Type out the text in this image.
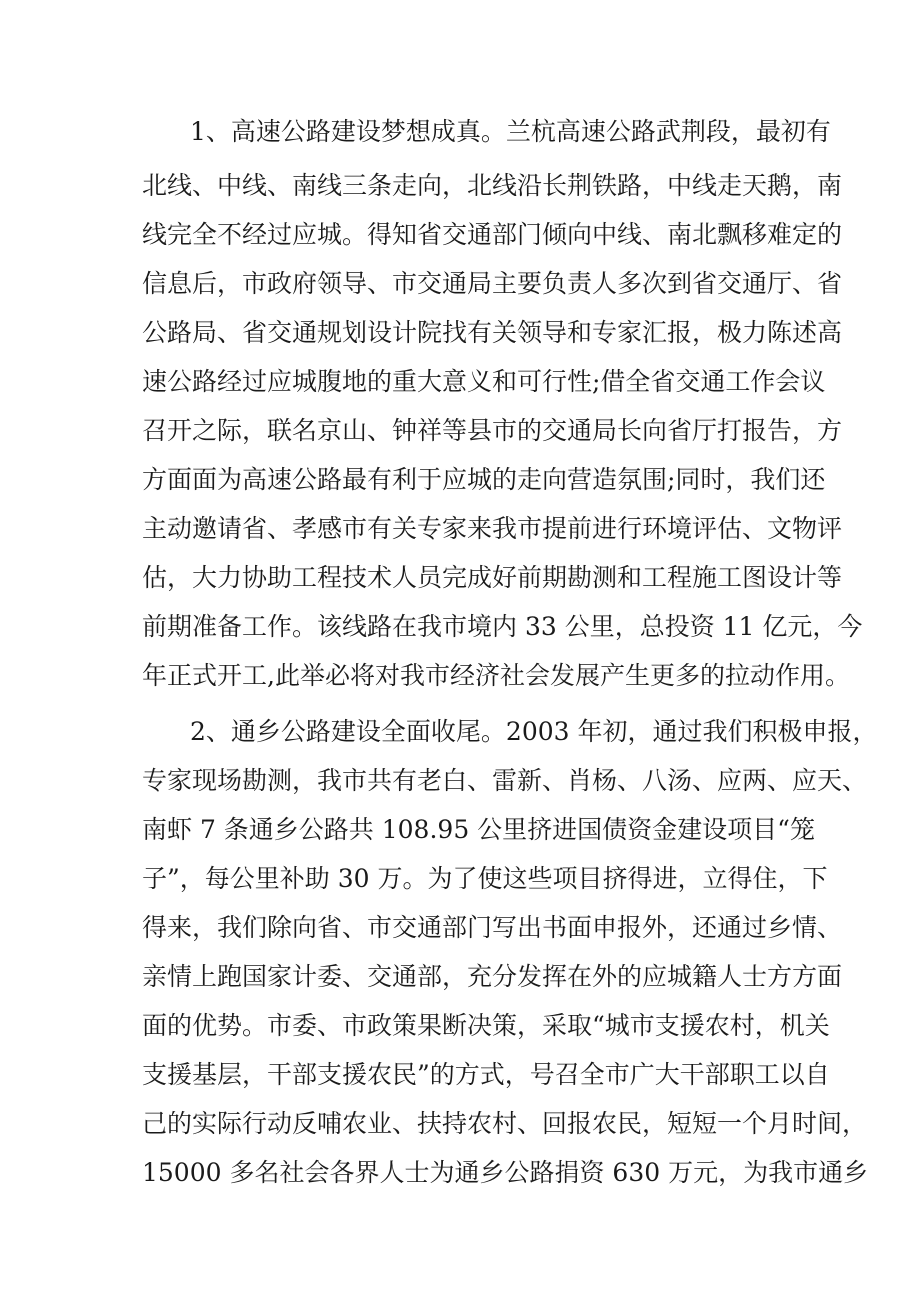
1、高速公路建设梦想成真。兰杭高速公路武荆段，最初有
北线、中线、南线三条走向，北线沿长荆铁路，中线走天鹅，南
线完全不经过应城。得知省交通部门倾向中线、南北飘移难定的
信息后，市政府领导、市交通局主要负责人多次到省交通厅、省
公路局、省交通规划设计院找有关领导和专家汇报，极力陈述高
速公路经过应城腹地的重大意义和可行性;借全省交通工作会议
召开之际，联名京山、钟祥等县市的交通局长向省厅打报告，方
方面面为高速公路最有利于应城的走向营造氛围;同时，我们还
主动邀请省、孝感市有关专家来我市提前进行环境评估、文物评
估，大力协助工程技术人员完成好前期勘测和工程施工图设计等
前期准备工作。该线路在我市境内 33 公里，总投资 11 亿元，今
年正式开工,此举必将对我市经济社会发展产生更多的拉动作用。
2、通乡公路建设全面收尾。2003 年初，通过我们积极申报，
专家现场勘测，我市共有老白、雷新、肖杨、八汤、应两、应天、
南虾 7 条通乡公路共 108.95 公里挤进国债资金建设项目“笼
子”，每公里补助 30 万。为了使这些项目挤得进，立得住，下
得来，我们除向省、市交通部门写出书面申报外，还通过乡情、
亲情上跑国家计委、交通部，充分发挥在外的应城籍人士方方面
面的优势。市委、市政策果断决策，采取“城市支援农村，机关
支援基层，干部支援农民”的方式，号召全市广大干部职工以自
己的实际行动反哺农业、扶持农村、回报农民，短短一个月时间，
15000 多名社会各界人士为通乡公路捐资 630 万元，为我市通乡
